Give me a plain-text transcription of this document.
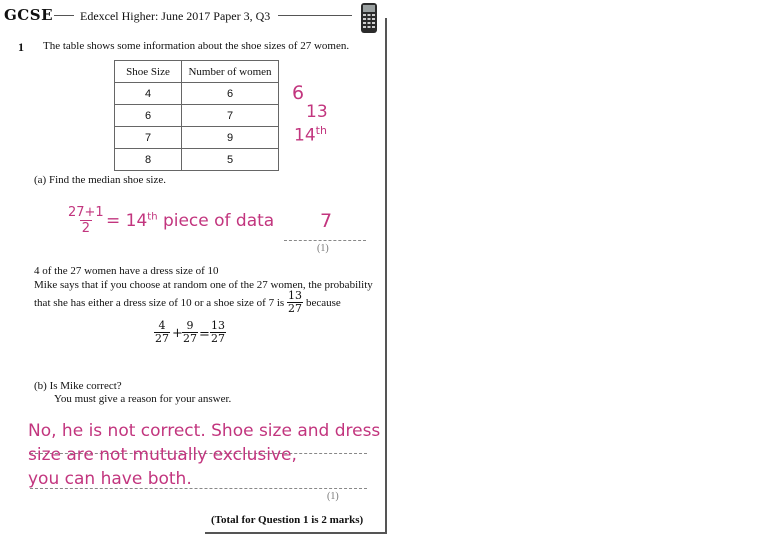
GCSE Edexcel Higher: June 2017 Paper 3, Q3
1 The table shows some information about the shoe sizes of 27 women.
Shoe Size	Number of women
4	6
6	7
7	9
8	5
6
13
14th
(a) Find the median shoe size.
$\frac{27+1}{2} = 14th$ piece of data 7
(1)
4 of the 27 women have a dress size of 10
Mike says that if you choose at random one of the 27 women, the probability
that she has either a dress size of 10 or a shoe size of 7 is $\frac{13}{27}$ because
$\frac{4}{27} + \frac{9}{27} = \frac{13}{27}$
(b) Is Mike correct?
You must give a reason for your answer.
No, he is not correct. Shoe size and dress
size are not mutually exclusive,
you can have both.
(1)
(Total for Question 1 is 2 marks)
